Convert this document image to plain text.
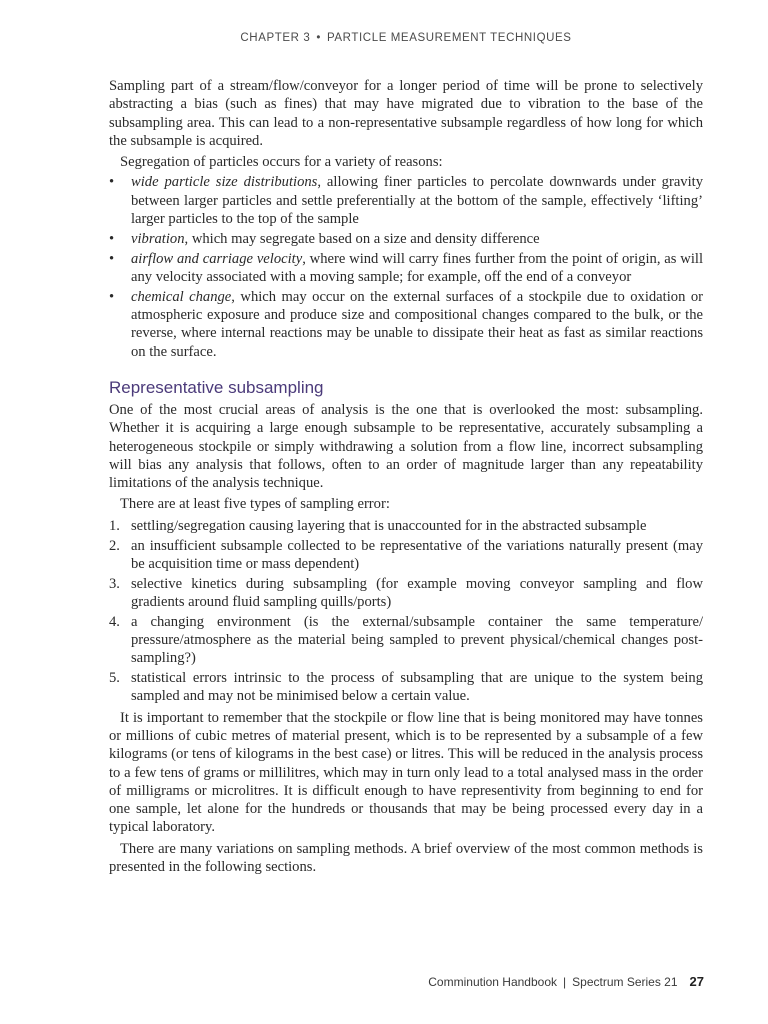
CHAPTER 3 • PARTICLE MEASUREMENT TECHNIQUES

Sampling part of a stream/flow/conveyor for a longer period of time will be prone to selectively abstracting a bias (such as fines) that may have migrated due to vibration to the base of the subsampling area. This can lead to a non-representative subsample regardless of how long for which the subsample is acquired.

Segregation of particles occurs for a variety of reasons:

• wide particle size distributions, allowing finer particles to percolate downwards under gravity between larger particles and settle preferentially at the bottom of the sample, effectively ‘lifting’ larger particles to the top of the sample
• vibration, which may segregate based on a size and density difference
• airflow and carriage velocity, where wind will carry fines further from the point of origin, as will any velocity associated with a moving sample; for example, off the end of a conveyor
• chemical change, which may occur on the external surfaces of a stockpile due to oxidation or atmospheric exposure and produce size and compositional changes compared to the bulk, or the reverse, where internal reactions may be unable to dissipate their heat as fast as similar reactions on the surface.
Representative subsampling

One of the most crucial areas of analysis is the one that is overlooked the most: subsampling. Whether it is acquiring a large enough subsample to be representative, accurately subsampling a heterogeneous stockpile or simply withdrawing a solution from a flow line, incorrect subsampling will bias any analysis that follows, often to an order of magnitude larger than any repeatability limitations of the analysis technique.

There are at least five types of sampling error:

1. settling/segregation causing layering that is unaccounted for in the abstracted subsample
2. an insufficient subsample collected to be representative of the variations naturally present (may be acquisition time or mass dependent)
3. selective kinetics during subsampling (for example moving conveyor sampling and flow gradients around fluid sampling quills/ports)
4. a changing environment (is the external/subsample container the same temperature/ pressure/atmosphere as the material being sampled to prevent physical/chemical changes post-sampling?)
5. statistical errors intrinsic to the process of subsampling that are unique to the system being sampled and may not be minimised below a certain value.

It is important to remember that the stockpile or flow line that is being monitored may have tonnes or millions of cubic metres of material present, which is to be represented by a subsample of a few kilograms (or tens of kilograms in the best case) or litres. This will be reduced in the analysis process to a few tens of grams or millilitres, which may in turn only lead to a total analysed mass in the order of milligrams or microlitres. It is difficult enough to have representivity from beginning to end for one sample, let alone for the hundreds or thousands that may be being processed every day in a typical laboratory.

There are many variations on sampling methods. A brief overview of the most common methods is presented in the following sections.

Comminution Handbook | Spectrum Series 21 27
